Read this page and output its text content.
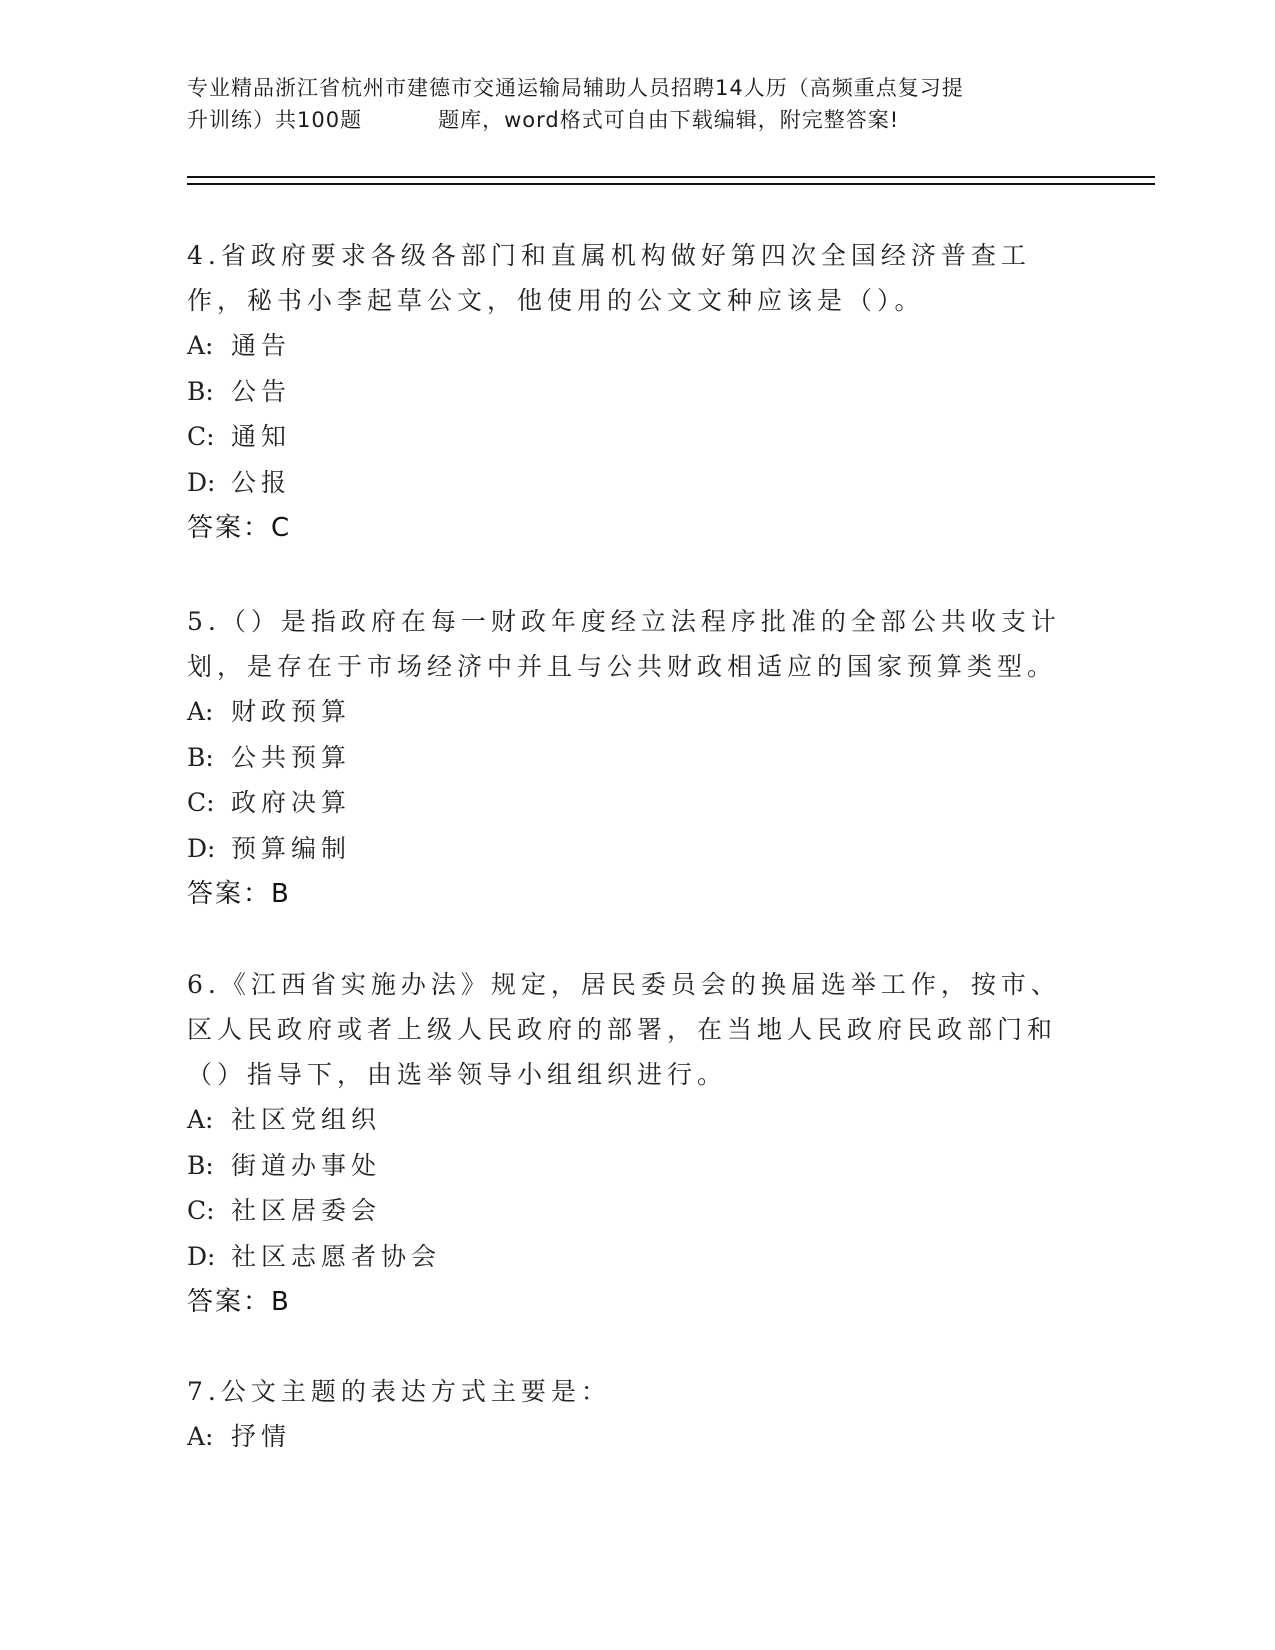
专业精品浙江省杭州市建德市交通运输局辅助人员招聘14人历（高频重点复习提
升训练）共100题	题库，word格式可自由下载编辑，附完整答案!

4.省政府要求各级各部门和直属机构做好第四次全国经济普查工作，秘书小李起草公文，他使用的公文文种应该是（）。

A: 通告

B: 公告

C: 通知

D: 公报

答案：C

5.（）是指政府在每一财政年度经立法程序批准的全部公共收支计划，是存在于市场经济中并且与公共财政相适应的国家预算类型。

A: 财政预算

B: 公共预算

C: 政府决算

D: 预算编制

答案：B

6.《江西省实施办法》规定，居民委员会的换届选举工作，按市、区人民政府或者上级人民政府的部署，在当地人民政府民政部门和（）指导下，由选举领导小组组织进行。

A: 社区党组织

B: 街道办事处

C: 社区居委会

D: 社区志愿者协会

答案：B

7.公文主题的表达方式主要是：

A: 抒情
